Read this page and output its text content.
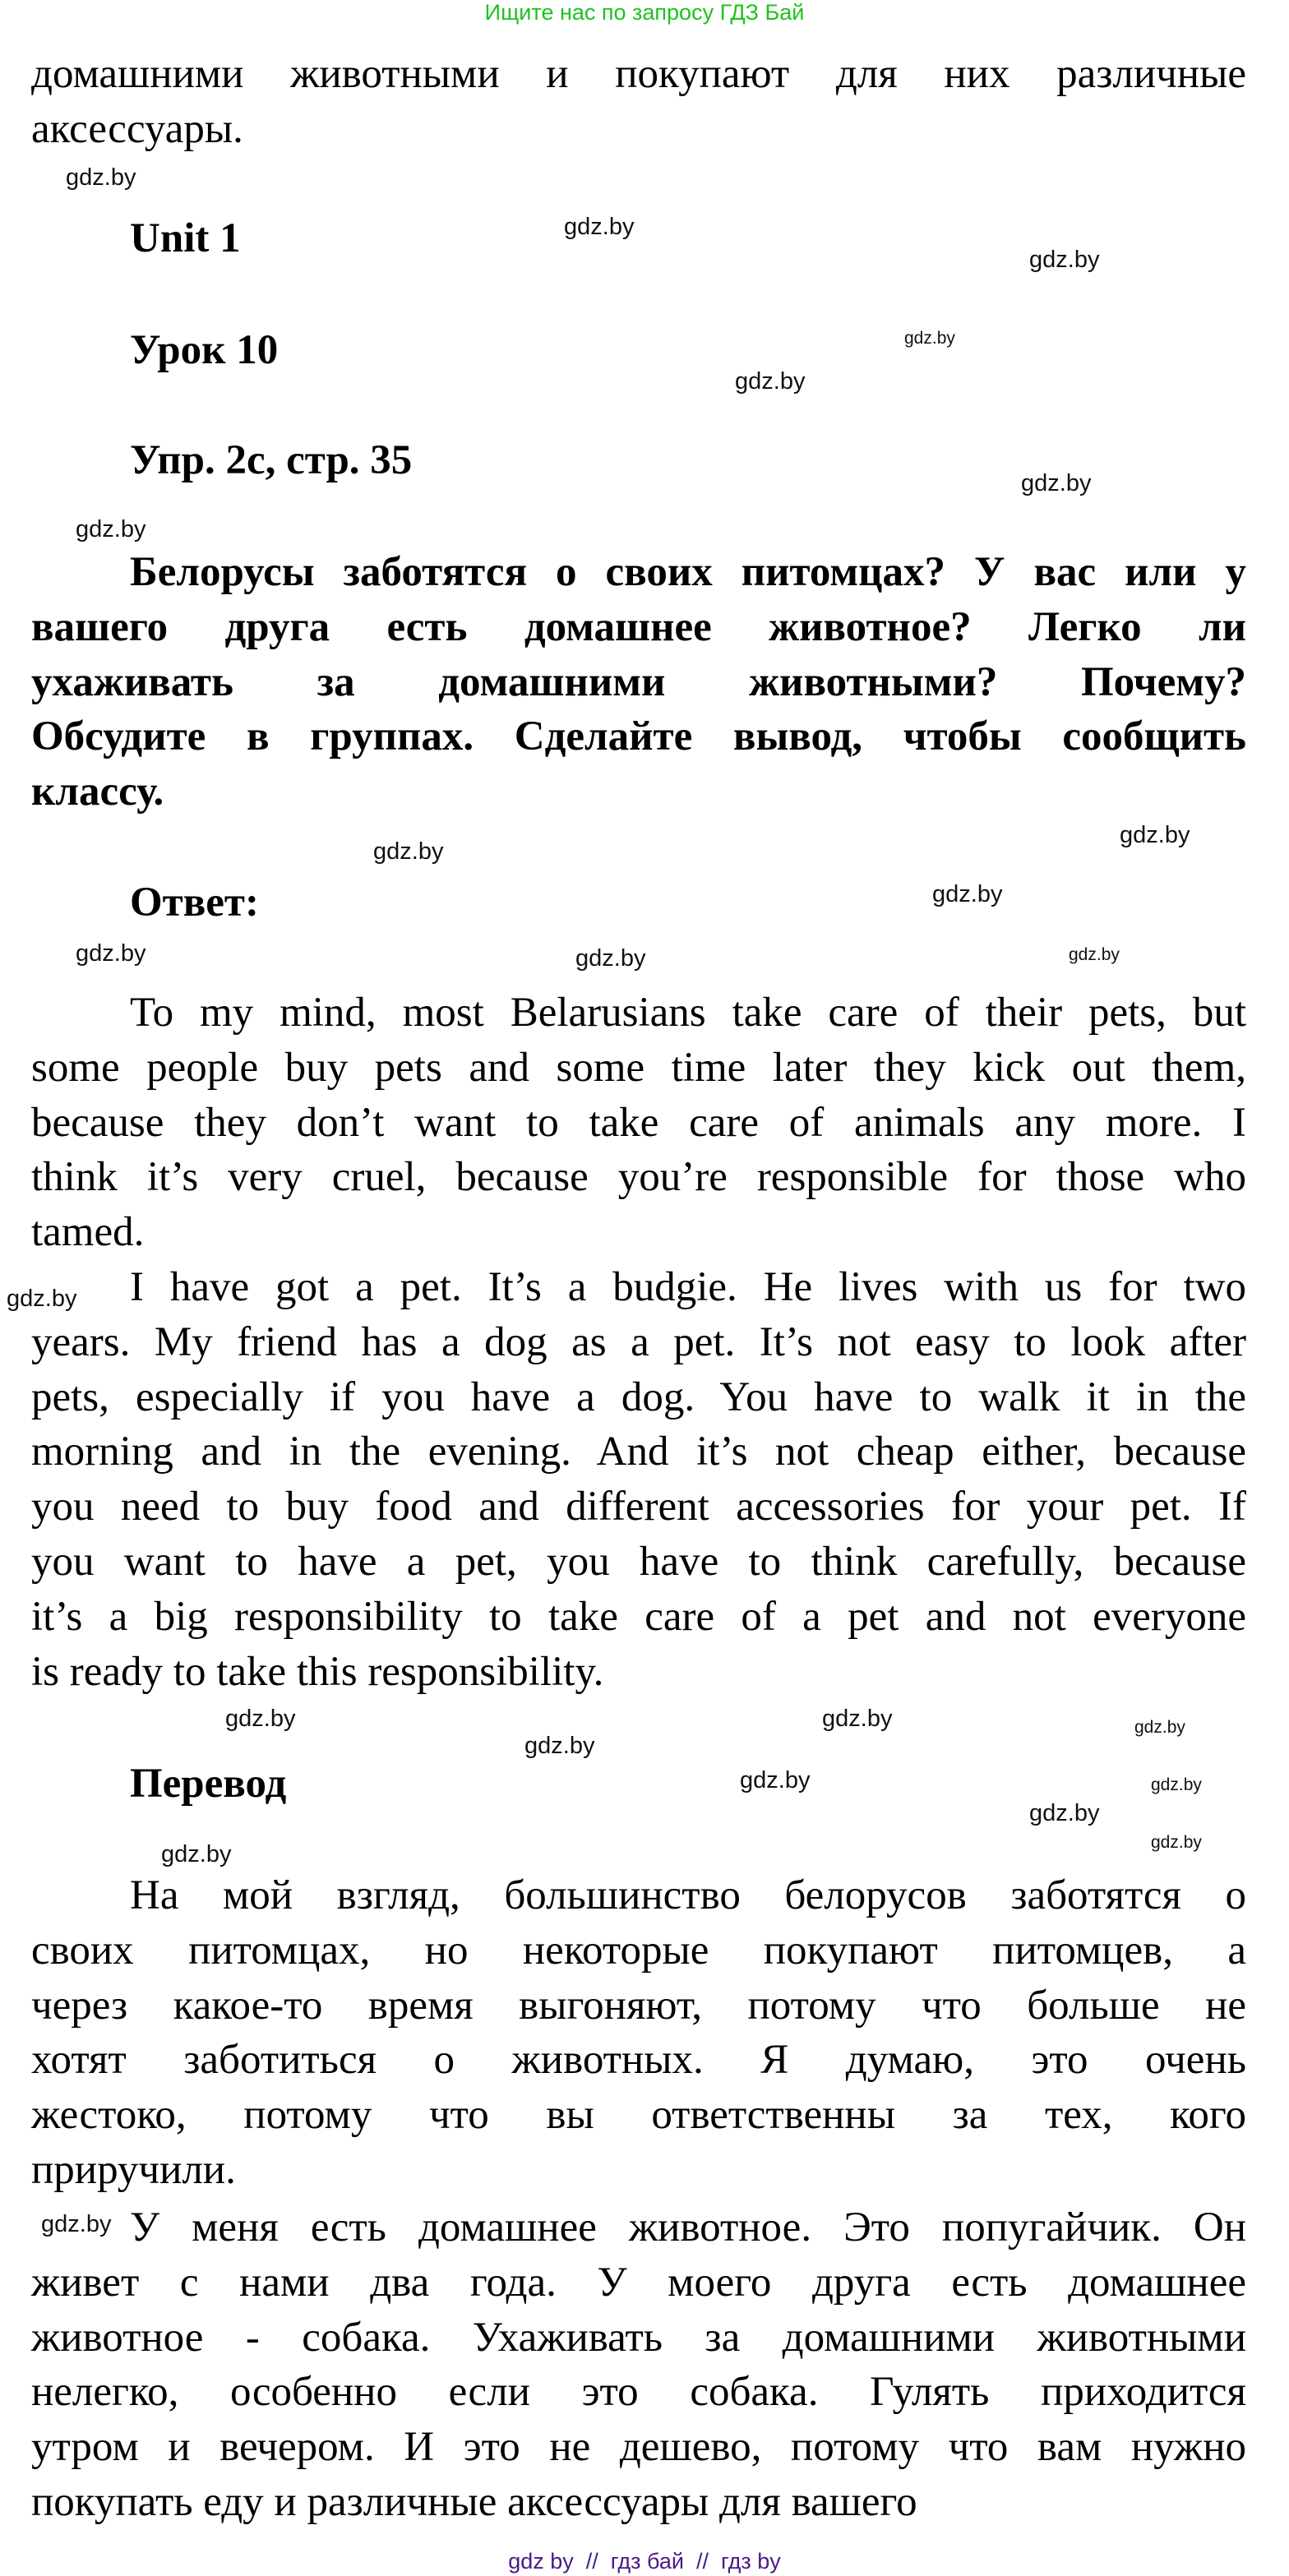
Ищите нас по запросу ГДЗ Бай
Unit 1
Урок 10
Упр. 2с, стр. 35
Ответ:
Перевод
домашними животными и покупают для них различные
аксессуары.
Белорусы заботятся о своих питомцах? У вас или у
вашего друга есть домашнее животное? Легко ли
ухаживать за домашними животными? Почему?
Обсудите в группах. Сделайте вывод, чтобы сообщить
классу.
To my mind, most Belarusians take care of their pets, but
some people buy pets and some time later they kick out them,
because they don’t want to take care of animals any more. I
think it’s very cruel, because you’re responsible for those who
tamed.
I have got a pet. It’s a budgie. He lives with us for two
years. My friend has a dog as a pet. It’s not easy to look after
pets, especially if you have a dog. You have to walk it in the
morning and in the evening. And it’s not cheap either, because
you need to buy food and different accessories for your pet. If
you want to have a pet, you have to think carefully, because
it’s a big responsibility to take care of a pet and not everyone
is ready to take this responsibility.
На мой взгляд, большинство белорусов заботятся о
своих питомцах, но некоторые покупают питомцев, а
через какое-то время выгоняют, потому что больше не
хотят заботиться о животных. Я думаю, это очень
жестоко, потому что вы ответственны за тех, кого
приручили.
У меня есть домашнее животное. Это попугайчик. Он
живет с нами два года. У моего друга есть домашнее
животное - собака. Ухаживать за домашними животными
нелегко, особенно если это собака. Гулять приходится
утром и вечером. И это не дешево, потому что вам нужно
покупать еду и различные аксессуары для вашего
gdz.by
gdz.by
gdz.by
gdz.by
gdz.by
gdz.by
gdz.by
gdz.by
gdz.by
gdz.by	gdz.by
gdz.by
gdz.by
gdz.by
gdz.by
gdz.by
gdz.by
gdz.by
gdz.by	gdz.by
gdz.by
gdz.by
gdz.by
gdz.by
gdz by  //  гдз бай  //  гдз by
